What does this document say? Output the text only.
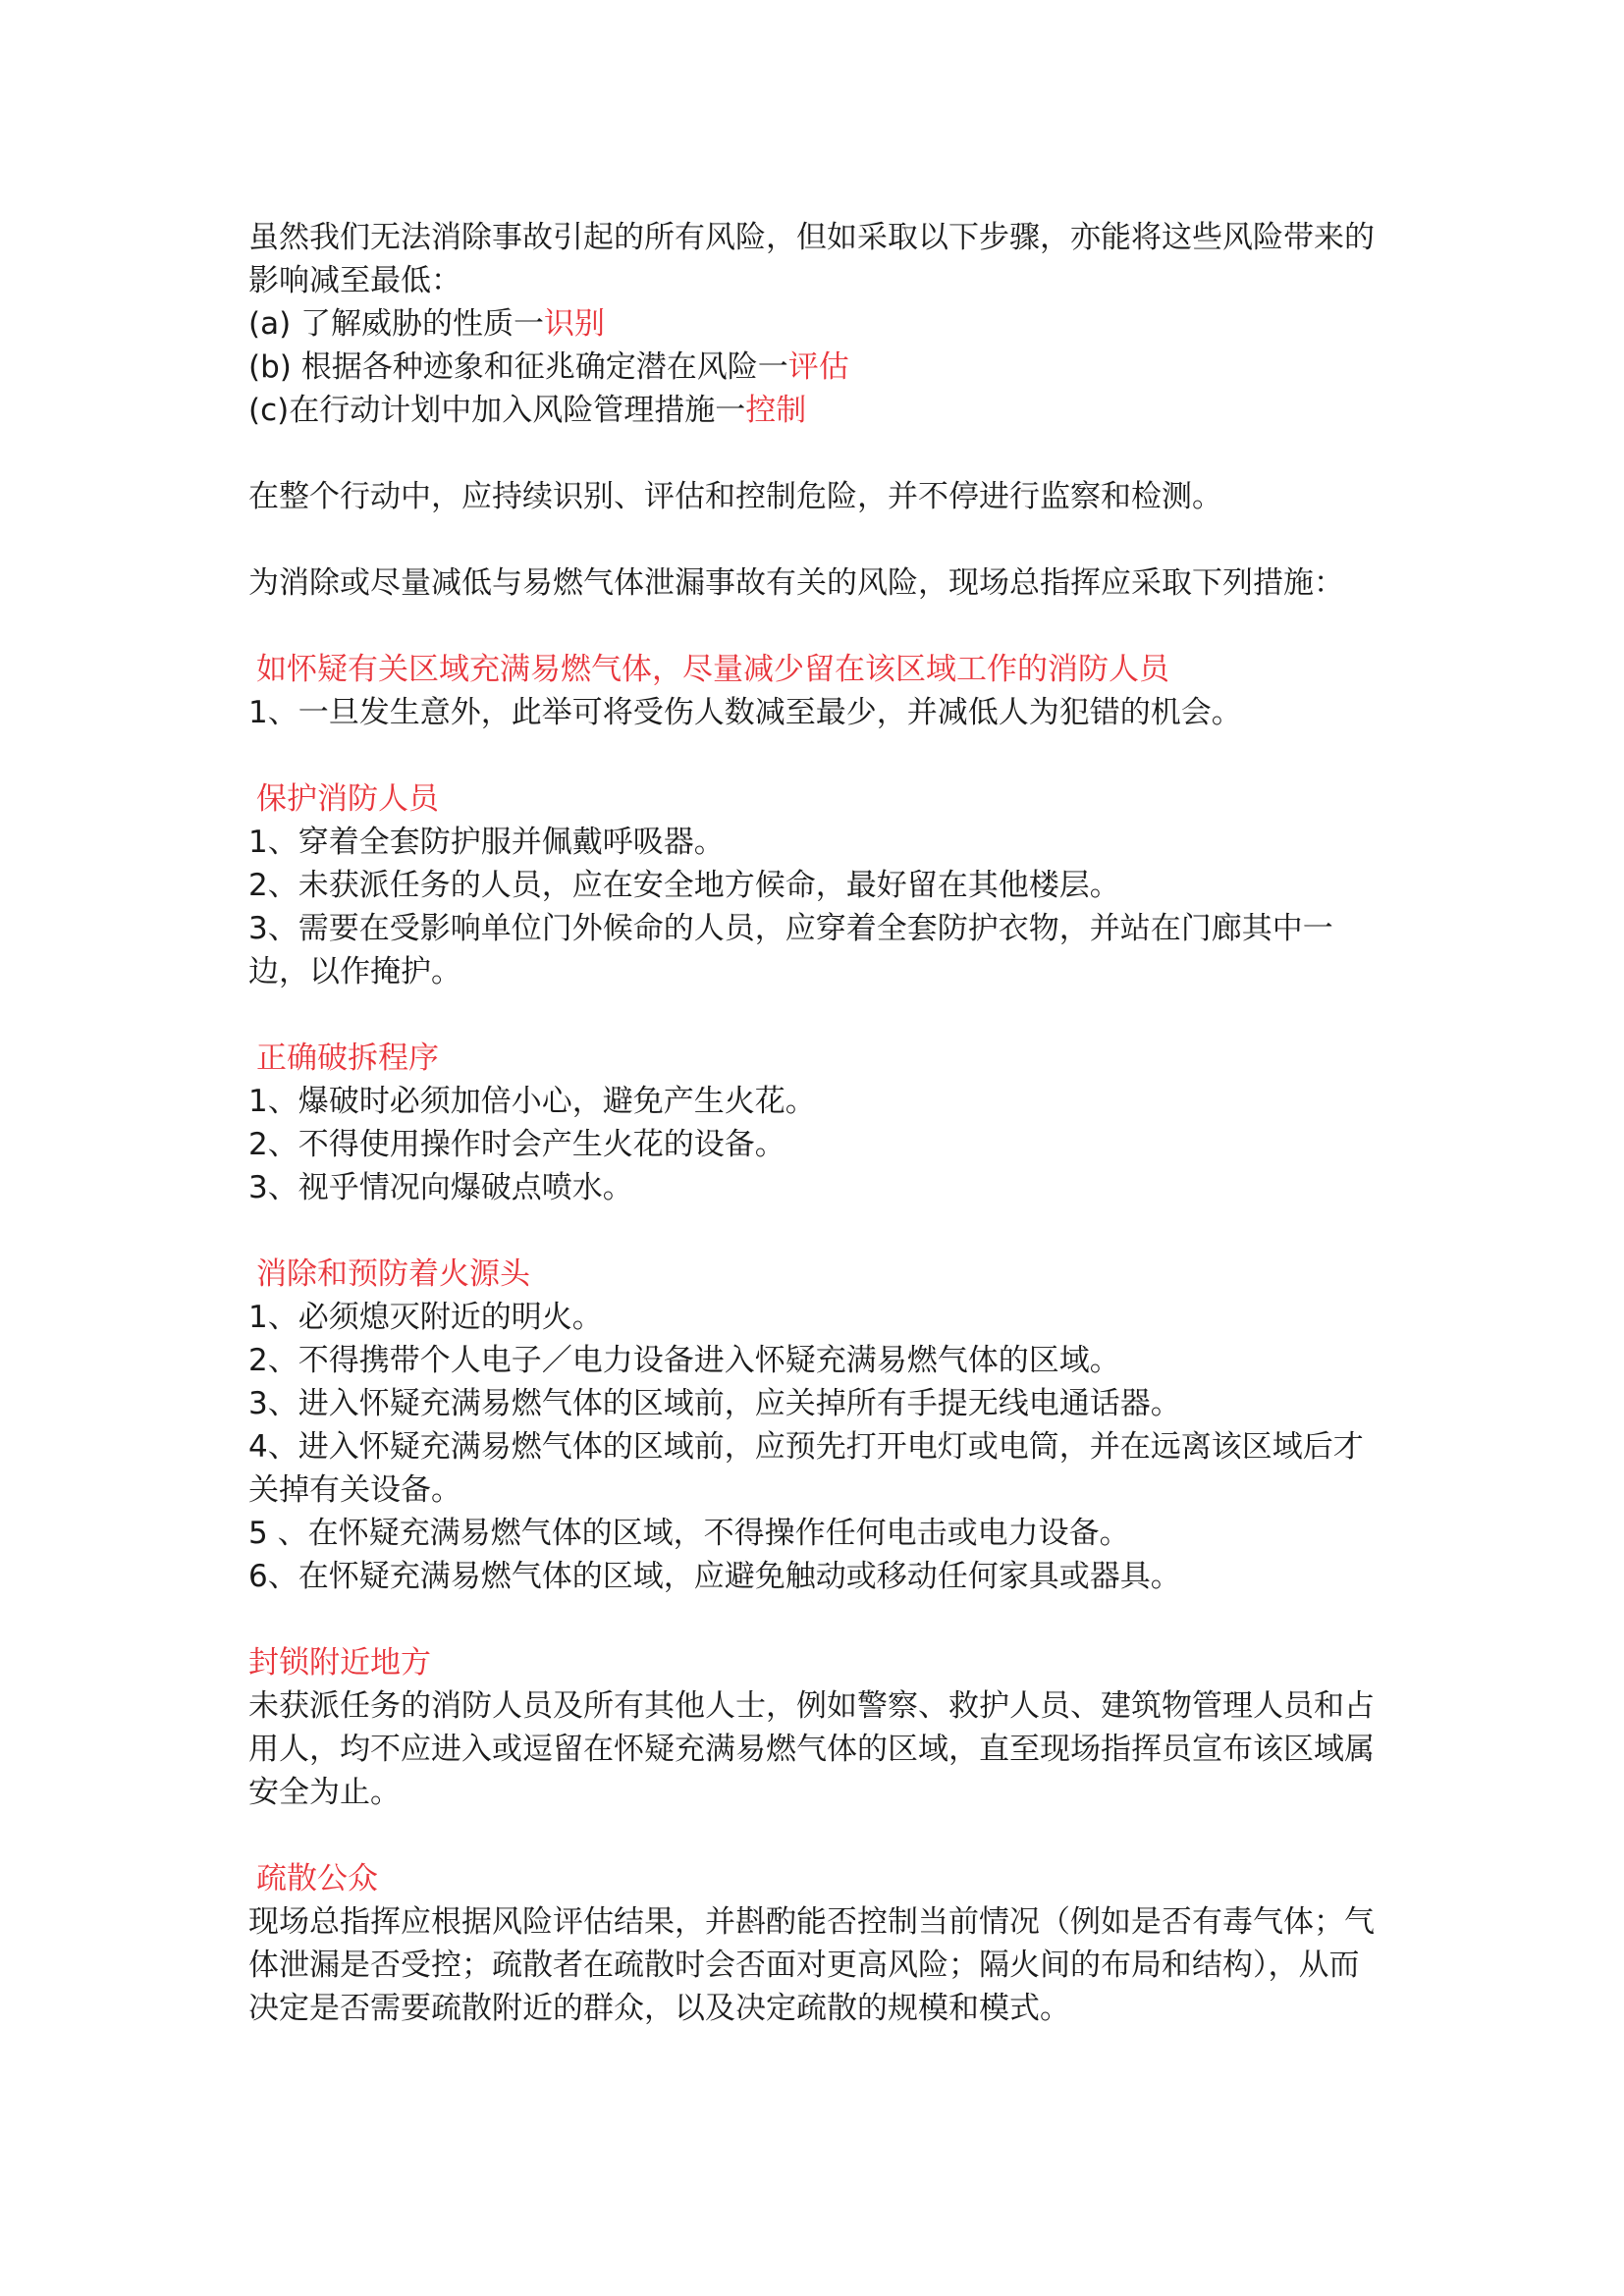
虽然我们无法消除事故引起的所有风险，但如采取以下步骤，亦能将这些风险带来的影响减至最低：

(a) 了解威胁的性质一识别

(b) 根据各种迹象和征兆确定潜在风险一评估

(c)在行动计划中加入风险管理措施一控制

在整个行动中，应持续识别、评估和控制危险，并不停进行监察和检测。

为消除或尽量减低与易燃气体泄漏事故有关的风险，现场总指挥应采取下列措施：

如怀疑有关区域充满易燃气体，尽量减少留在该区域工作的消防人员

1、一旦发生意外，此举可将受伤人数减至最少，并减低人为犯错的机会。

保护消防人员

1、穿着全套防护服并佩戴呼吸器。

2、未获派任务的人员，应在安全地方候命，最好留在其他楼层。

3、需要在受影响单位门外候命的人员，应穿着全套防护衣物，并站在门廊其中一边，以作掩护。

正确破拆程序

1、爆破时必须加倍小心，避免产生火花。

2、不得使用操作时会产生火花的设备。

3、视乎情况向爆破点喷水。

消除和预防着火源头

1、必须熄灭附近的明火。

2、不得携带个人电子／电力设备进入怀疑充满易燃气体的区域。

3、进入怀疑充满易燃气体的区域前，应关掉所有手提无线电通话器。

4、进入怀疑充满易燃气体的区域前，应预先打开电灯或电筒，并在远离该区域后才关掉有关设备。

5 、在怀疑充满易燃气体的区域，不得操作任何电击或电力设备。

6、在怀疑充满易燃气体的区域，应避免触动或移动任何家具或器具。

封锁附近地方

未获派任务的消防人员及所有其他人士，例如警察、救护人员、建筑物管理人员和占用人，均不应进入或逗留在怀疑充满易燃气体的区域，直至现场指挥员宣布该区域属安全为止。

疏散公众

现场总指挥应根据风险评估结果，并斟酌能否控制当前情况（例如是否有毒气体；气体泄漏是否受控；疏散者在疏散时会否面对更高风险；隔火间的布局和结构），从而决定是否需要疏散附近的群众，以及决定疏散的规模和模式。
